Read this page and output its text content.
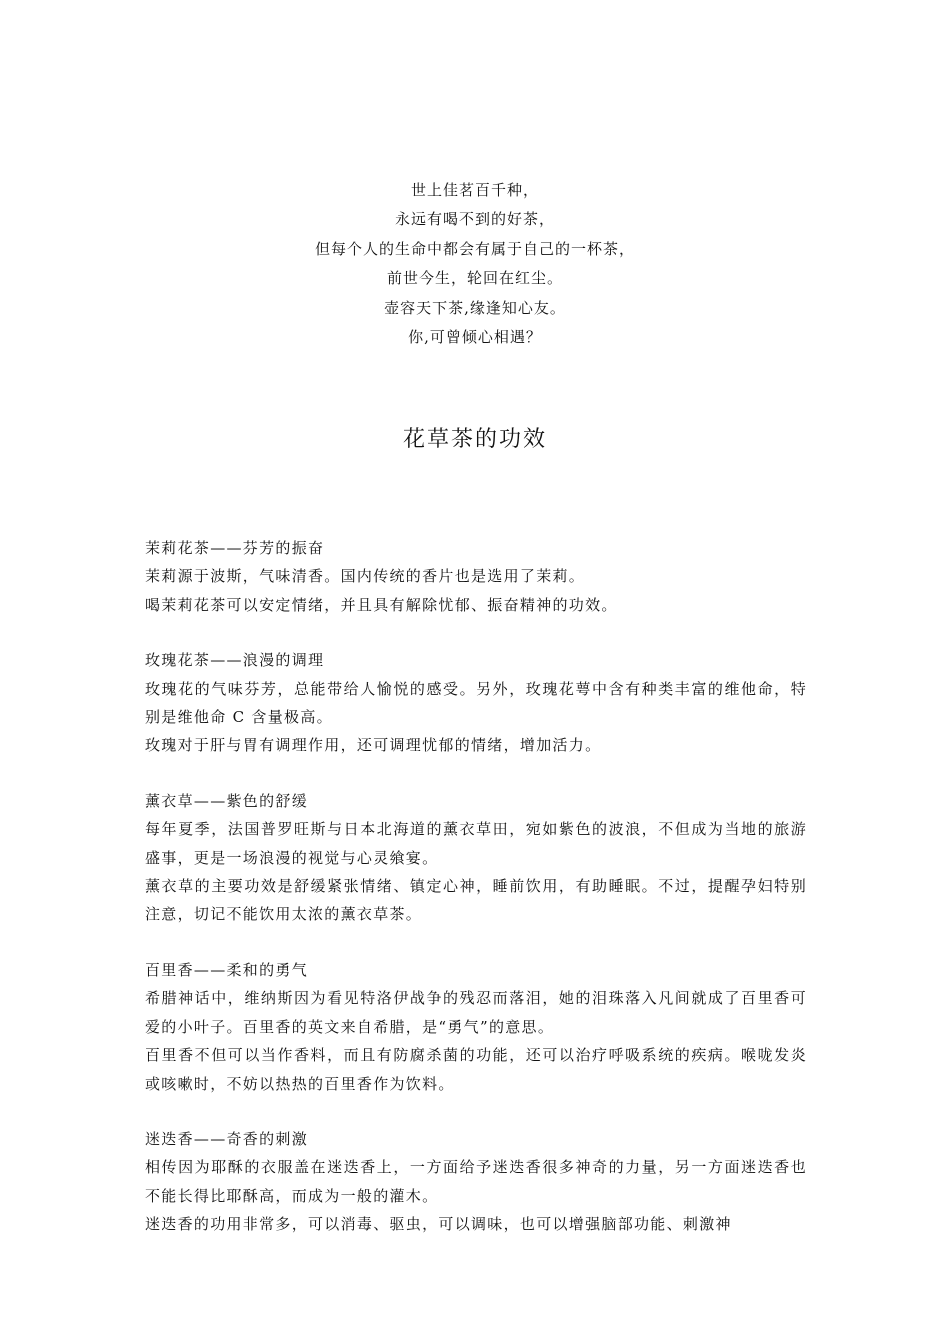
世上佳茗百千种，
永远有喝不到的好茶，
但每个人的生命中都会有属于自己的一杯茶，
前世今生，轮回在红尘。
壶容天下茶,缘逢知心友。
你,可曾倾心相遇？
花草茶的功效
茉莉花茶——芬芳的振奋

茉莉源于波斯，气味清香。国内传统的香片也是选用了茉莉。

喝茉莉花茶可以安定情绪，并且具有解除忧郁、振奋精神的功效。

玫瑰花茶——浪漫的调理

玫瑰花的气味芬芳，总能带给人愉悦的感受。另外，玫瑰花萼中含有种类丰富的维他命，特别是维他命 C 含量极高。

玫瑰对于肝与胃有调理作用，还可调理忧郁的情绪，增加活力。

薰衣草——紫色的舒缓

每年夏季，法国普罗旺斯与日本北海道的薰衣草田，宛如紫色的波浪，不但成为当地的旅游盛事，更是一场浪漫的视觉与心灵飨宴。

薰衣草的主要功效是舒缓紧张情绪、镇定心神，睡前饮用，有助睡眠。不过，提醒孕妇特别注意，切记不能饮用太浓的薰衣草茶。

百里香——柔和的勇气

希腊神话中，维纳斯因为看见特洛伊战争的残忍而落泪，她的泪珠落入凡间就成了百里香可爱的小叶子。百里香的英文来自希腊，是“勇气”的意思。

百里香不但可以当作香料，而且有防腐杀菌的功能，还可以治疗呼吸系统的疾病。喉咙发炎或咳嗽时，不妨以热热的百里香作为饮料。

迷迭香——奇香的刺激

相传因为耶酥的衣服盖在迷迭香上，一方面给予迷迭香很多神奇的力量，另一方面迷迭香也不能长得比耶酥高，而成为一般的灌木。

迷迭香的功用非常多，可以消毒、驱虫，可以调味，也可以增强脑部功能、刺激神
